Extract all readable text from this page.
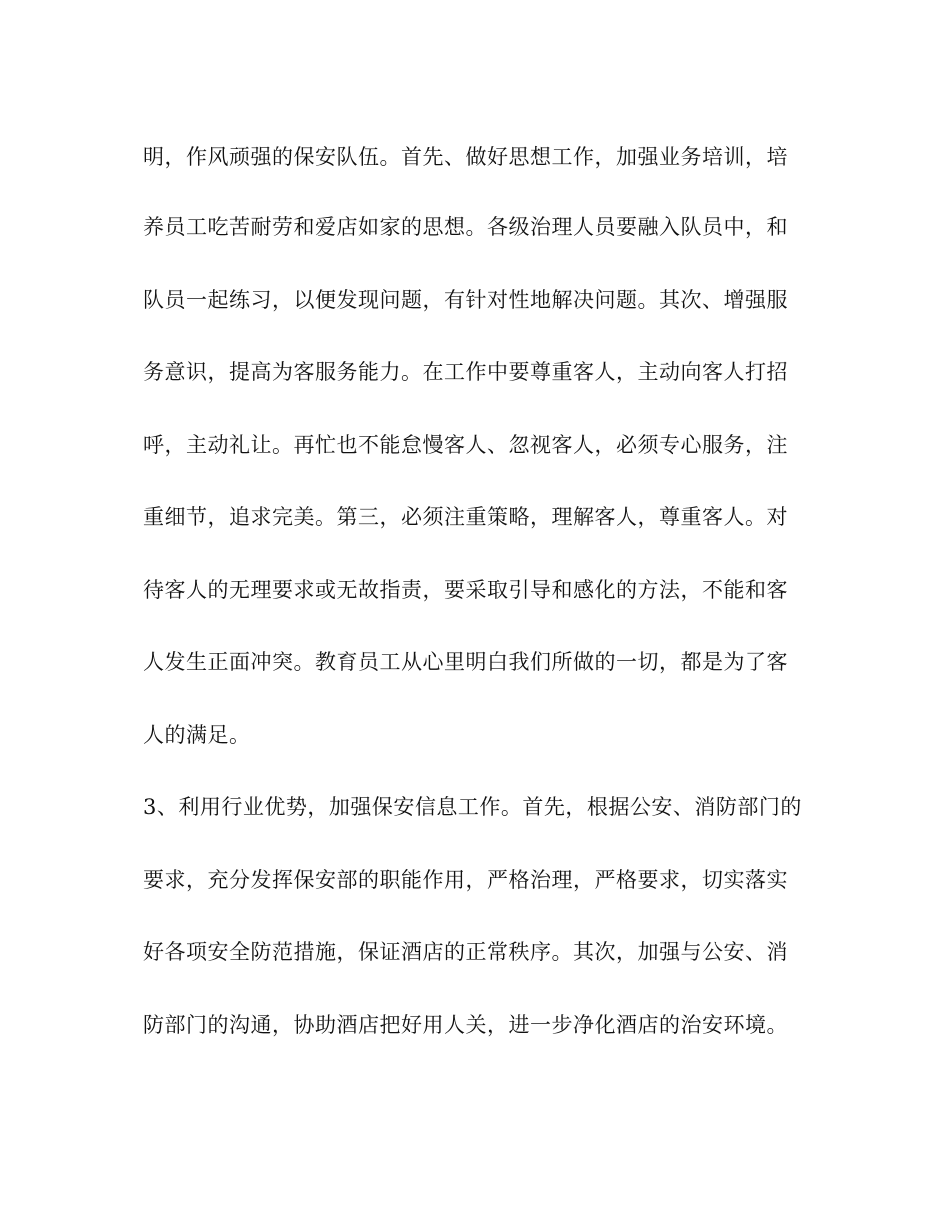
明，作风顽强的保安队伍。首先、做好思想工作，加强业务培训，培
养员工吃苦耐劳和爱店如家的思想。各级治理人员要融入队员中，和
队员一起练习，以便发现问题，有针对性地解决问题。其次、增强服
务意识，提高为客服务能力。在工作中要尊重客人，主动向客人打招
呼，主动礼让。再忙也不能怠慢客人、忽视客人，必须专心服务，注
重细节，追求完美。第三，必须注重策略，理解客人，尊重客人。对
待客人的无理要求或无故指责，要采取引导和感化的方法，不能和客
人发生正面冲突。教育员工从心里明白我们所做的一切，都是为了客
人的满足。
3、利用行业优势，加强保安信息工作。首先，根据公安、消防部门的
要求，充分发挥保安部的职能作用，严格治理，严格要求，切实落实
好各项安全防范措施，保证酒店的正常秩序。其次，加强与公安、消
防部门的沟通，协助酒店把好用人关，进一步净化酒店的治安环境。
